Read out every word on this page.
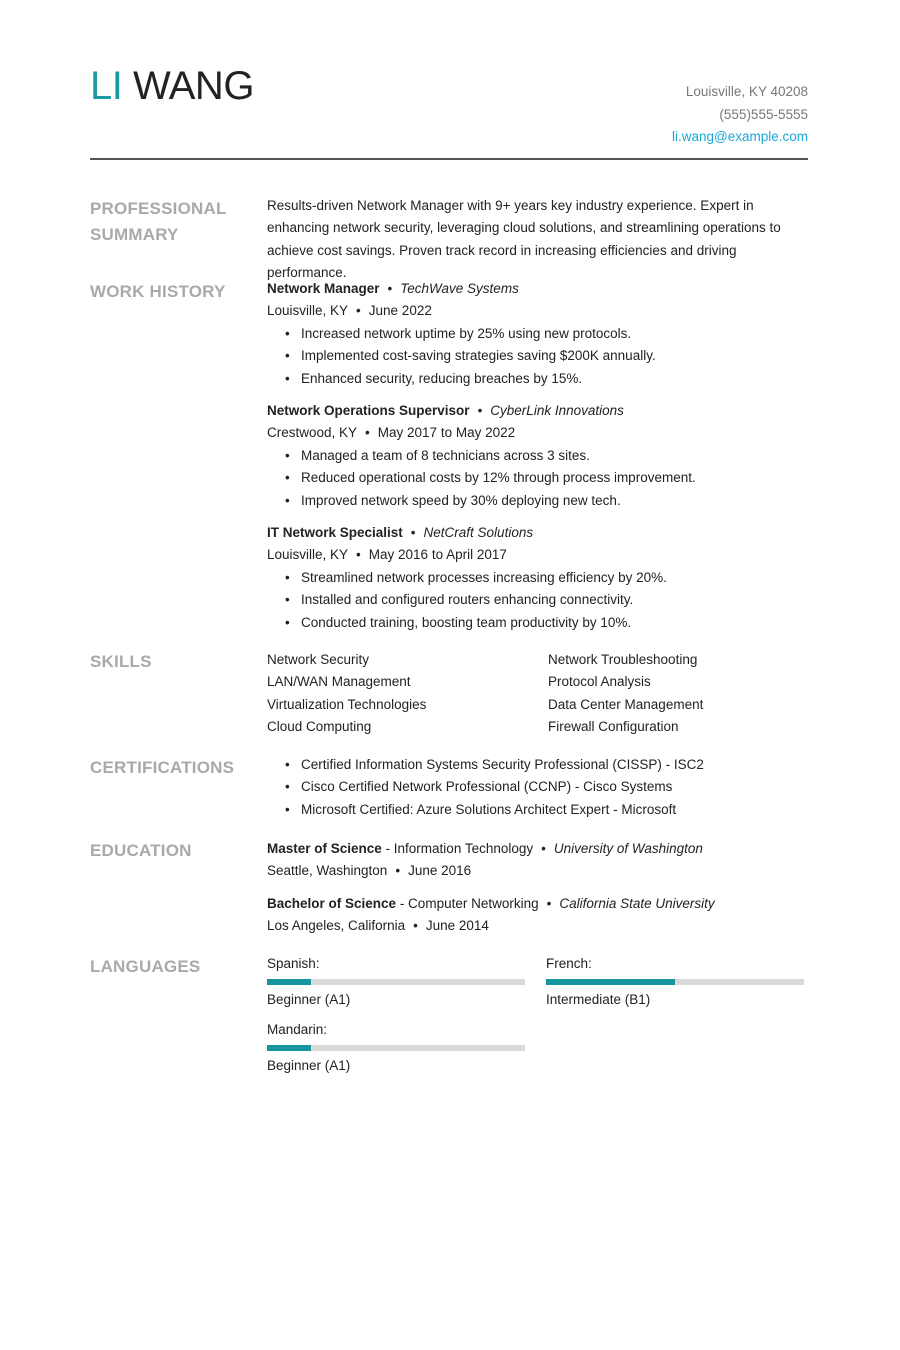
LI WANG	Louisville, KY 40208
(555)555-5555
li.wang@example.com
PROFESSIONAL
SUMMARY

Results-driven Network Manager with 9+ years key industry experience. Expert in enhancing network security, leveraging cloud solutions, and streamlining operations to achieve cost savings. Proven track record in increasing efficiencies and driving performance.

WORK HISTORY	Network Manager • TechWave Systems
Louisville, KY • June 2022
• Increased network uptime by 25% using new protocols.
• Implemented cost-saving strategies saving $200K annually.
• Enhanced security, reducing breaches by 15%.
Network Operations Supervisor • CyberLink Innovations
Crestwood, KY • May 2017 to May 2022
• Managed a team of 8 technicians across 3 sites.
• Reduced operational costs by 12% through process improvement.
• Improved network speed by 30% deploying new tech.
IT Network Specialist • NetCraft Solutions
Louisville, KY • May 2016 to April 2017
• Streamlined network processes increasing efficiency by 20%.
• Installed and configured routers enhancing connectivity.
• Conducted training, boosting team productivity by 10%.
SKILLS	Network Security	Network Troubleshooting
LAN/WAN Management	Protocol Analysis
Virtualization Technologies	Data Center Management
Cloud Computing	Firewall Configuration
CERTIFICATIONS
•	Certified Information Systems Security Professional (CISSP) - ISC2
• Cisco Certified Network Professional (CCNP) - Cisco Systems
• Microsoft Certified: Azure Solutions Architect Expert - Microsoft
EDUCATION	Master of Science - Information Technology • University of Washington
Seattle, Washington • June 2016
Bachelor of Science - Computer Networking • California State University
Los Angeles, California • June 2014
LANGUAGES	Spanish:
Beginner (A1)
French:
Intermediate (B1)
Mandarin:
Beginner (A1)
